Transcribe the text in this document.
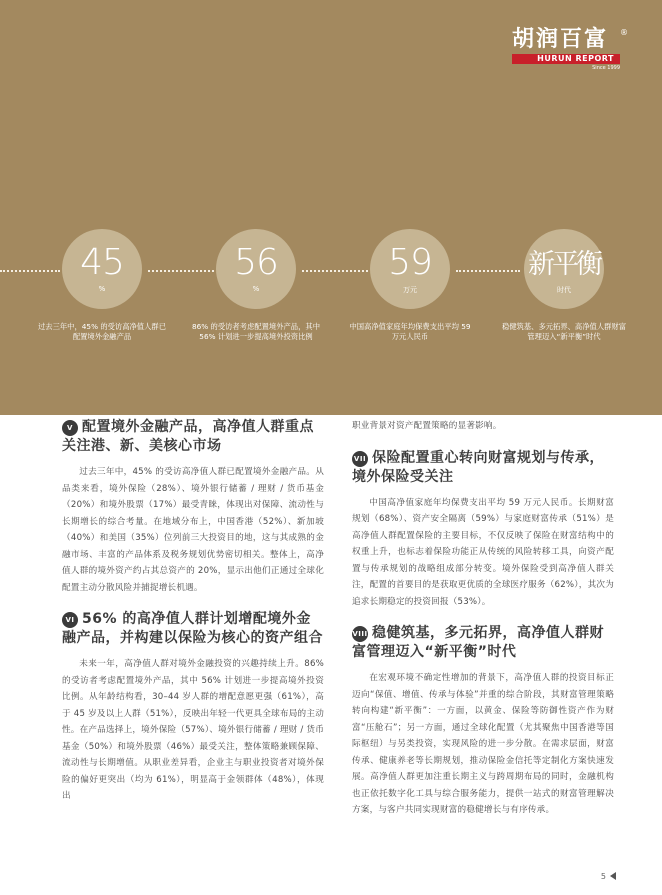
胡润百富	®
HURUN REPORT
Since 1999
45
%
过去三年中，45% 的受访高净值人群已配置境外金融产品
56
%
86% 的受访者考虑配置境外产品，其中 56% 计划进一步提高境外投资比例
59
万元
中国高净值家庭年均保费支出平均 59 万元人民币
新平衡
时代
稳健筑基、多元拓界、高净值人群财富管理迈入“新平衡”时代
V 配置境外金融产品，高净值人群重点关注港、新、美核心市场

过去三年中，45% 的受访高净值人群已配置境外金融产品。从品类来看，境外保险（28%）、境外银行储蓄 / 理财 / 货币基金（20%）和境外股票（17%）最受青睐，体现出对保障、流动性与长期增长的综合考量。在地域分布上，中国香港（52%）、新加坡（40%）和美国（35%）位列前三大投资目的地，这与其成熟的金融市场、丰富的产品体系及税务规划优势密切相关。整体上，高净值人群的境外资产约占其总资产的 20%，显示出他们正通过全球化配置主动分散风险并捕捉增长机遇。

VI 56% 的高净值人群计划增配境外金融产品，并构建以保险为核心的资产组合

未来一年，高净值人群对境外金融投资的兴趣持续上升。86% 的受访者考虑配置境外产品，其中 56% 计划进一步提高境外投资比例。从年龄结构看，30–44 岁人群的增配意愿更强（61%），高于 45 岁及以上人群（51%），反映出年轻一代更具全球布局的主动性。在产品选择上，境外保险（57%）、境外银行储蓄 / 理财 / 货币基金（50%）和境外股票（46%）最受关注，整体策略兼顾保障、流动性与长期增值。从职业差异看，企业主与职业投资者对境外保险的偏好更突出（均为 61%），明显高于金领群体（48%），体现出

职业背景对资产配置策略的显著影响。

VII 保险配置重心转向财富规划与传承，境外保险受关注

中国高净值家庭年均保费支出平均 59 万元人民币。长期财富规划（68%）、资产安全隔离（59%）与家庭财富传承（51%）是高净值人群配置保险的主要目标，不仅反映了保险在财富结构中的权重上升，也标志着保险功能正从传统的风险转移工具，向资产配置与传承规划的战略组成部分转变。境外保险受到高净值人群关注，配置的首要目的是获取更优质的全球医疗服务（62%），其次为追求长期稳定的投资回报（53%）。

VIII 稳健筑基，多元拓界，高净值人群财富管理迈入“新平衡”时代

在宏观环境不确定性增加的背景下，高净值人群的投资目标正迈向“保值、增值、传承与体验”并重的综合阶段，其财富管理策略转向构建“新平衡”：一方面，以黄金、保险等防御性资产作为财富“压舱石”；另一方面，通过全球化配置（尤其聚焦中国香港等国际枢纽）与另类投资，实现风险的进一步分散。在需求层面，财富传承、健康养老等长期规划，推动保险金信托等定制化方案快速发展。高净值人群更加注重长期主义与跨周期布局的同时，金融机构也正依托数字化工具与综合服务能力，提供一站式的财富管理解决方案，与客户共同实现财富的稳健增长与有序传承。

5
